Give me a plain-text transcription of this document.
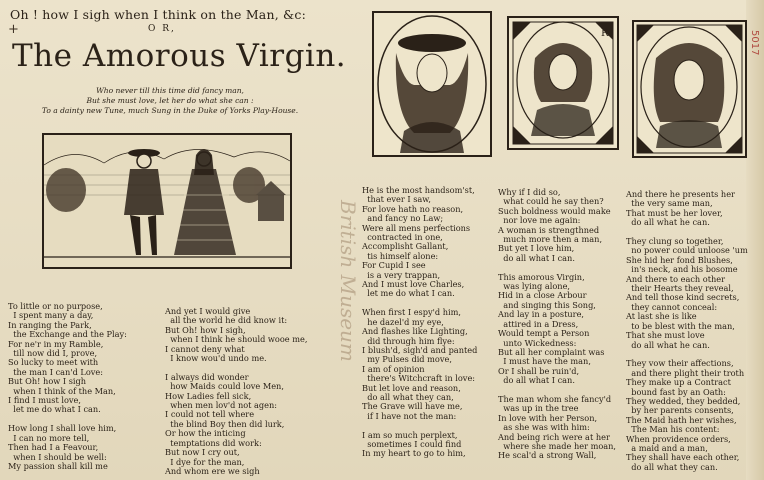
5017
Oh ! how I sigh when I think on the Man, &c:
+	O R,
The Amorous Virgin.
Who never till this time did fancy man,
But she must love, let her do what she can :
To a dainty new Tune, much Sung in the Duke of Yorks Play-House.
R
To little or no purpose,
I spent many a day,
In ranging the Park,
the Exchange and the Play:
For ne'r in my Ramble,
till now did I, prove,
So lucky to meet with
the man I can'd Love:
But Oh! how I sigh
when I think of the Man,
I find I must love,
let me do what I can.

How long I shall love him,
I can no more tell,
Then had I a Feavour,
when I should be well:
My passion shall kill me
And yet I would give
all the world he did know it:
But Oh! how I sigh,
when I think he should wooe me,
I cannot deny what
I know wou'd undo me.

I always did wonder
how Maids could love Men,
How Ladies fell sick,
when men lov'd not agen:
I could not tell where
the blind Boy then did lurk,
Or how the inticing
temptations did work:
But now I cry out,
I dye for the man,
And whom ere we sigh
He is the most handsom'st,
that ever I saw,
For love hath no reason,
and fancy no Law;
Were all mens perfections
contracted in one,
Accomplisht Gallant,
tis himself alone:
For Cupid I see
is a very trappan,
And I must love Charles,
let me do what I can.

When first I espy'd him,
he dazel'd my eye,
And flashes like Lighting,
did through him flye:
I blush'd, sigh'd and panted
my Pulses did move,
I am of opinion
there's Witchcraft in love:
But let love and reason,
do all what they can,
The Grave will have me,
if I have not the man:

I am so much perplext,
sometimes I could find
In my heart to go to him,
Why if I did so,
what could he say then?
Such boldness would make
nor love me again:
A woman is strengthned
much more then a man,
But yet I love him,
do all what I can.

This amorous Virgin,
was lying alone,
Hid in a close Arbour
and singing this Song,
And lay in a posture,
attired in a Dress,
Would tempt a Person
unto Wickedness:
But all her complaint was
I must have the man,
Or I shall be ruin'd,
do all what I can.

The man whom she fancy'd
was up in the tree
In love with her Person,
as she was with him:
And being rich were at her
where she made her moan,
He scal'd a strong Wall,
And there he presents her
the very same man,
That must be her lover,
do all what he can.

They clung so together,
no power could unloose 'um
She hid her fond Blushes,
in's neck, and his bosome
And there to each other
their Hearts they reveal,
And tell those kind secrets,
they cannot conceal:
At last she is like
to be blest with the man,
That she must love
do all what he can.

They vow their affections,
and there plight their troth
They make up a Contract
bound fast by an Oath:
They wedded, they bedded,
by her parents consents,
The Maid hath her wishes,
The Man his content:
When providence orders,
a maid and a man,
They shall have each other,
do all what they can.
British Museum
